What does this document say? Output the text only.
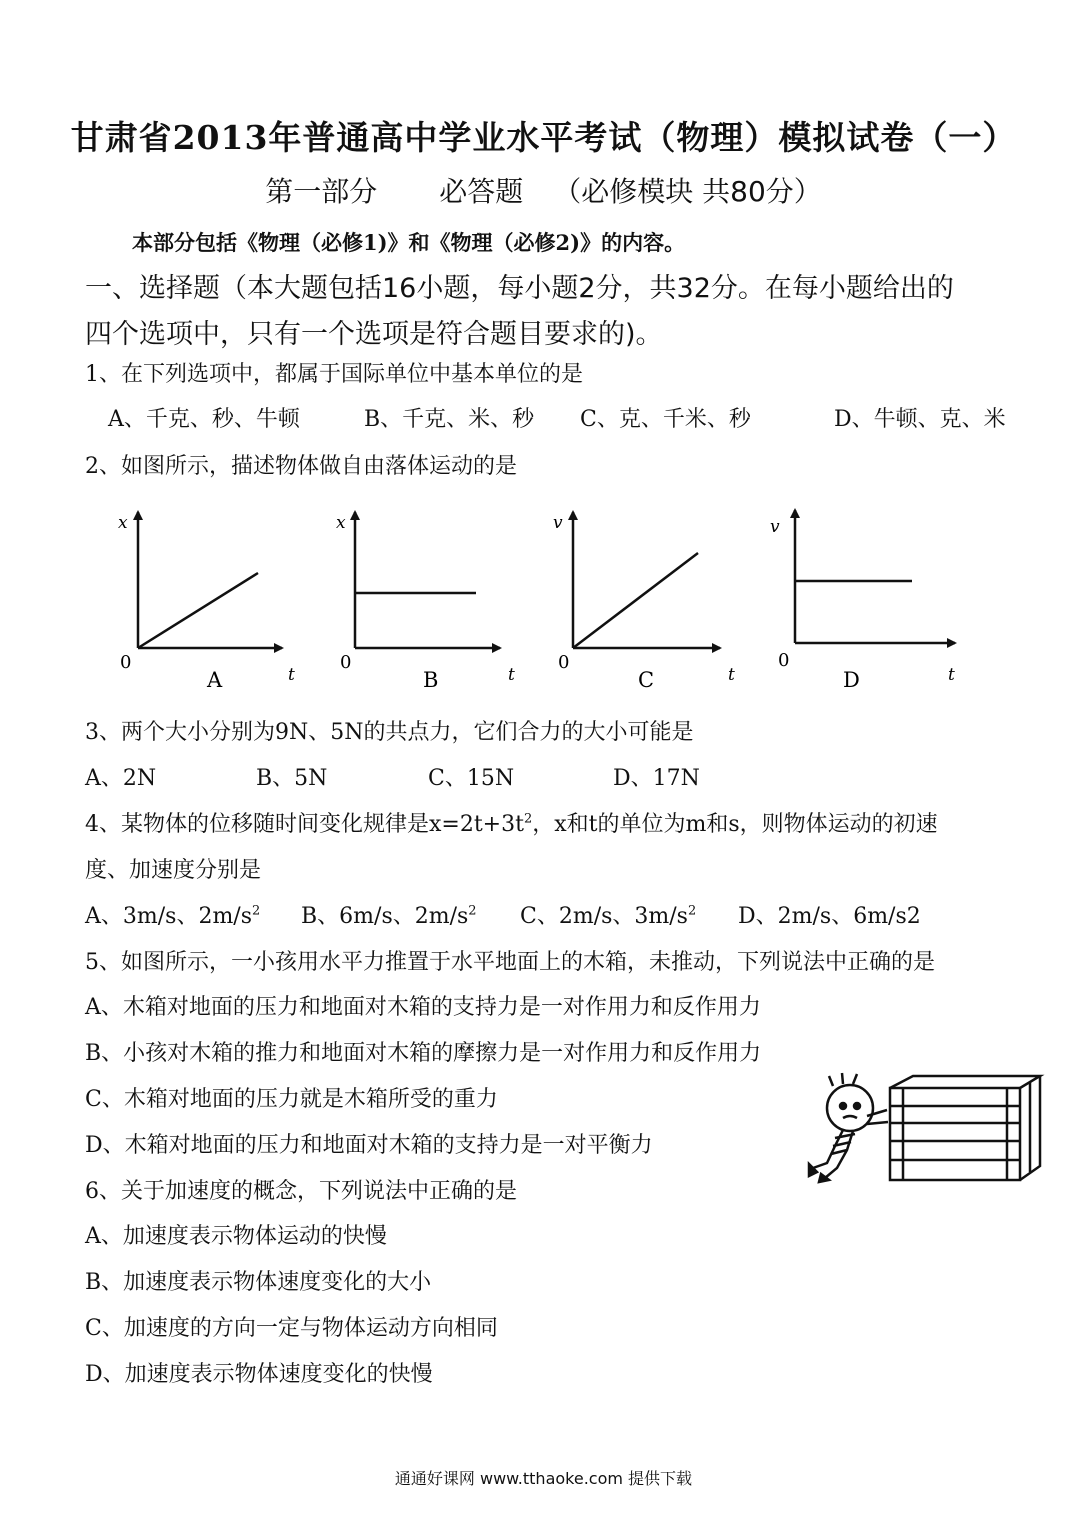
甘肃省2013年普通高中学业水平考试（物理）模拟试卷（一）
第一部分 必答题 （必修模块 共80分）
本部分包括《物理（必修1)》和《物理（必修2)》的内容。
一、选择题（本大题包括16小题，每小题2分，共32分。在每小题给出的
四个选项中，只有一个选项是符合题目要求的)。
1、在下列选项中，都属于国际单位中基本单位的是
A、千克、秒、牛顿	B、千克、米、秒 C、克、千米、秒	D、牛顿、克、米
2、如图所示，描述物体做自由落体运动的是
x
t
0
A
x
t
0
B
v
t
0
C
v
t
0
D
3、两个大小分别为9N、5N的共点力，它们合力的大小可能是
A、2N	B、5N	C、15N	D、17N
4、某物体的位移随时间变化规律是$x=2t+3t^2$，x和t的单位为m和s，则物体运动的初速
度、加速度分别是
A、3m/s、$2m/s^2$ B、6m/s、$2m/s^2$ C、2m/s、$3m/s^2$ D、2m/s、6m/s2
5、如图所示，一小孩用水平力推置于水平地面上的木箱，未推动，下列说法中正确的是
A、木箱对地面的压力和地面对木箱的支持力是一对作用力和反作用力
B、小孩对木箱的推力和地面对木箱的摩擦力是一对作用力和反作用力
C、木箱对地面的压力就是木箱所受的重力
D、木箱对地面的压力和地面对木箱的支持力是一对平衡力
6、关于加速度的概念，下列说法中正确的是
A、加速度表示物体运动的快慢
B、加速度表示物体速度变化的大小
C、加速度的方向一定与物体运动方向相同
D、加速度表示物体速度变化的快慢
通通好课网 www.tthaoke.com 提供下载
